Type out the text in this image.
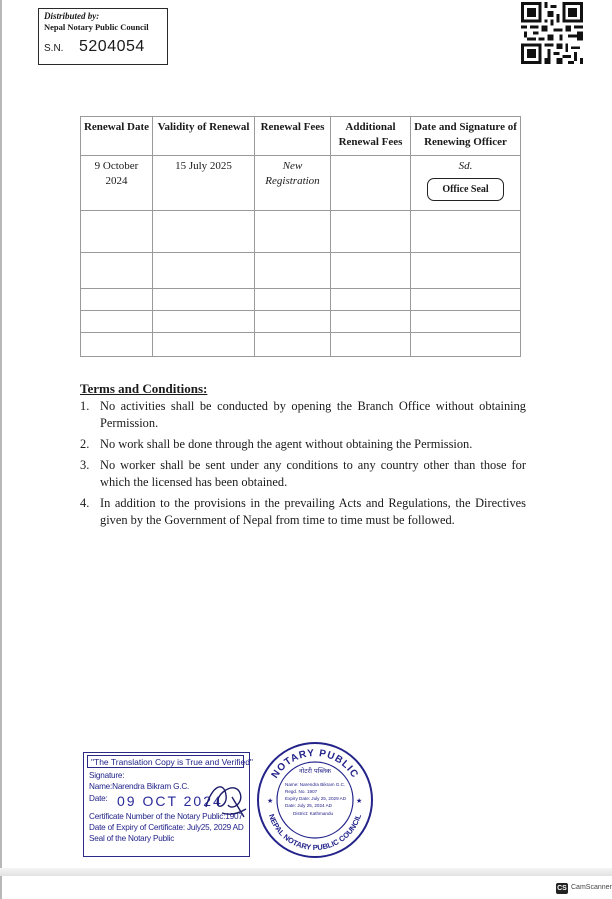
Distributed by:
Nepal Notary Public Council
S.N. 5204054
Renewal Date	Validity of Renewal	Renewal Fees	Additional Renewal Fees	Date and Signature of Renewing Officer
9 October 2024	15 July 2025	New Registration		Sd.
Office Seal

Terms and Conditions:
1. No activities shall be conducted by opening the Branch Office without obtaining Permission.
2. No work shall be done through the agent without obtaining the Permission.
3. No worker shall be sent under any conditions to any country other than those for which the licensed has been obtained.
4. In addition to the provisions in the prevailing Acts and Regulations, the Directives given by the Government of Nepal from time to time must be followed.
"The Translation Copy is True and Verified"
Signature:
Name:Narendra Bikram G.C.
Date: 09 OCT 2024
Certificate Number of the Notary Public:1907
Date of Expiry of Certificate: July25, 2029 AD
Seal of the Notary Public
NOTARY PUBLIC
NEPAL NOTARY PUBLIC COUNCIL
नोटरी पब्लिक
Name: Narendra Bikram G.C.
Regd. No. 1907
Expiry Date: July 25, 2029 AD
Date: July 25, 2024 AD
District: Kathmandu
★	★
CS CamScanner
